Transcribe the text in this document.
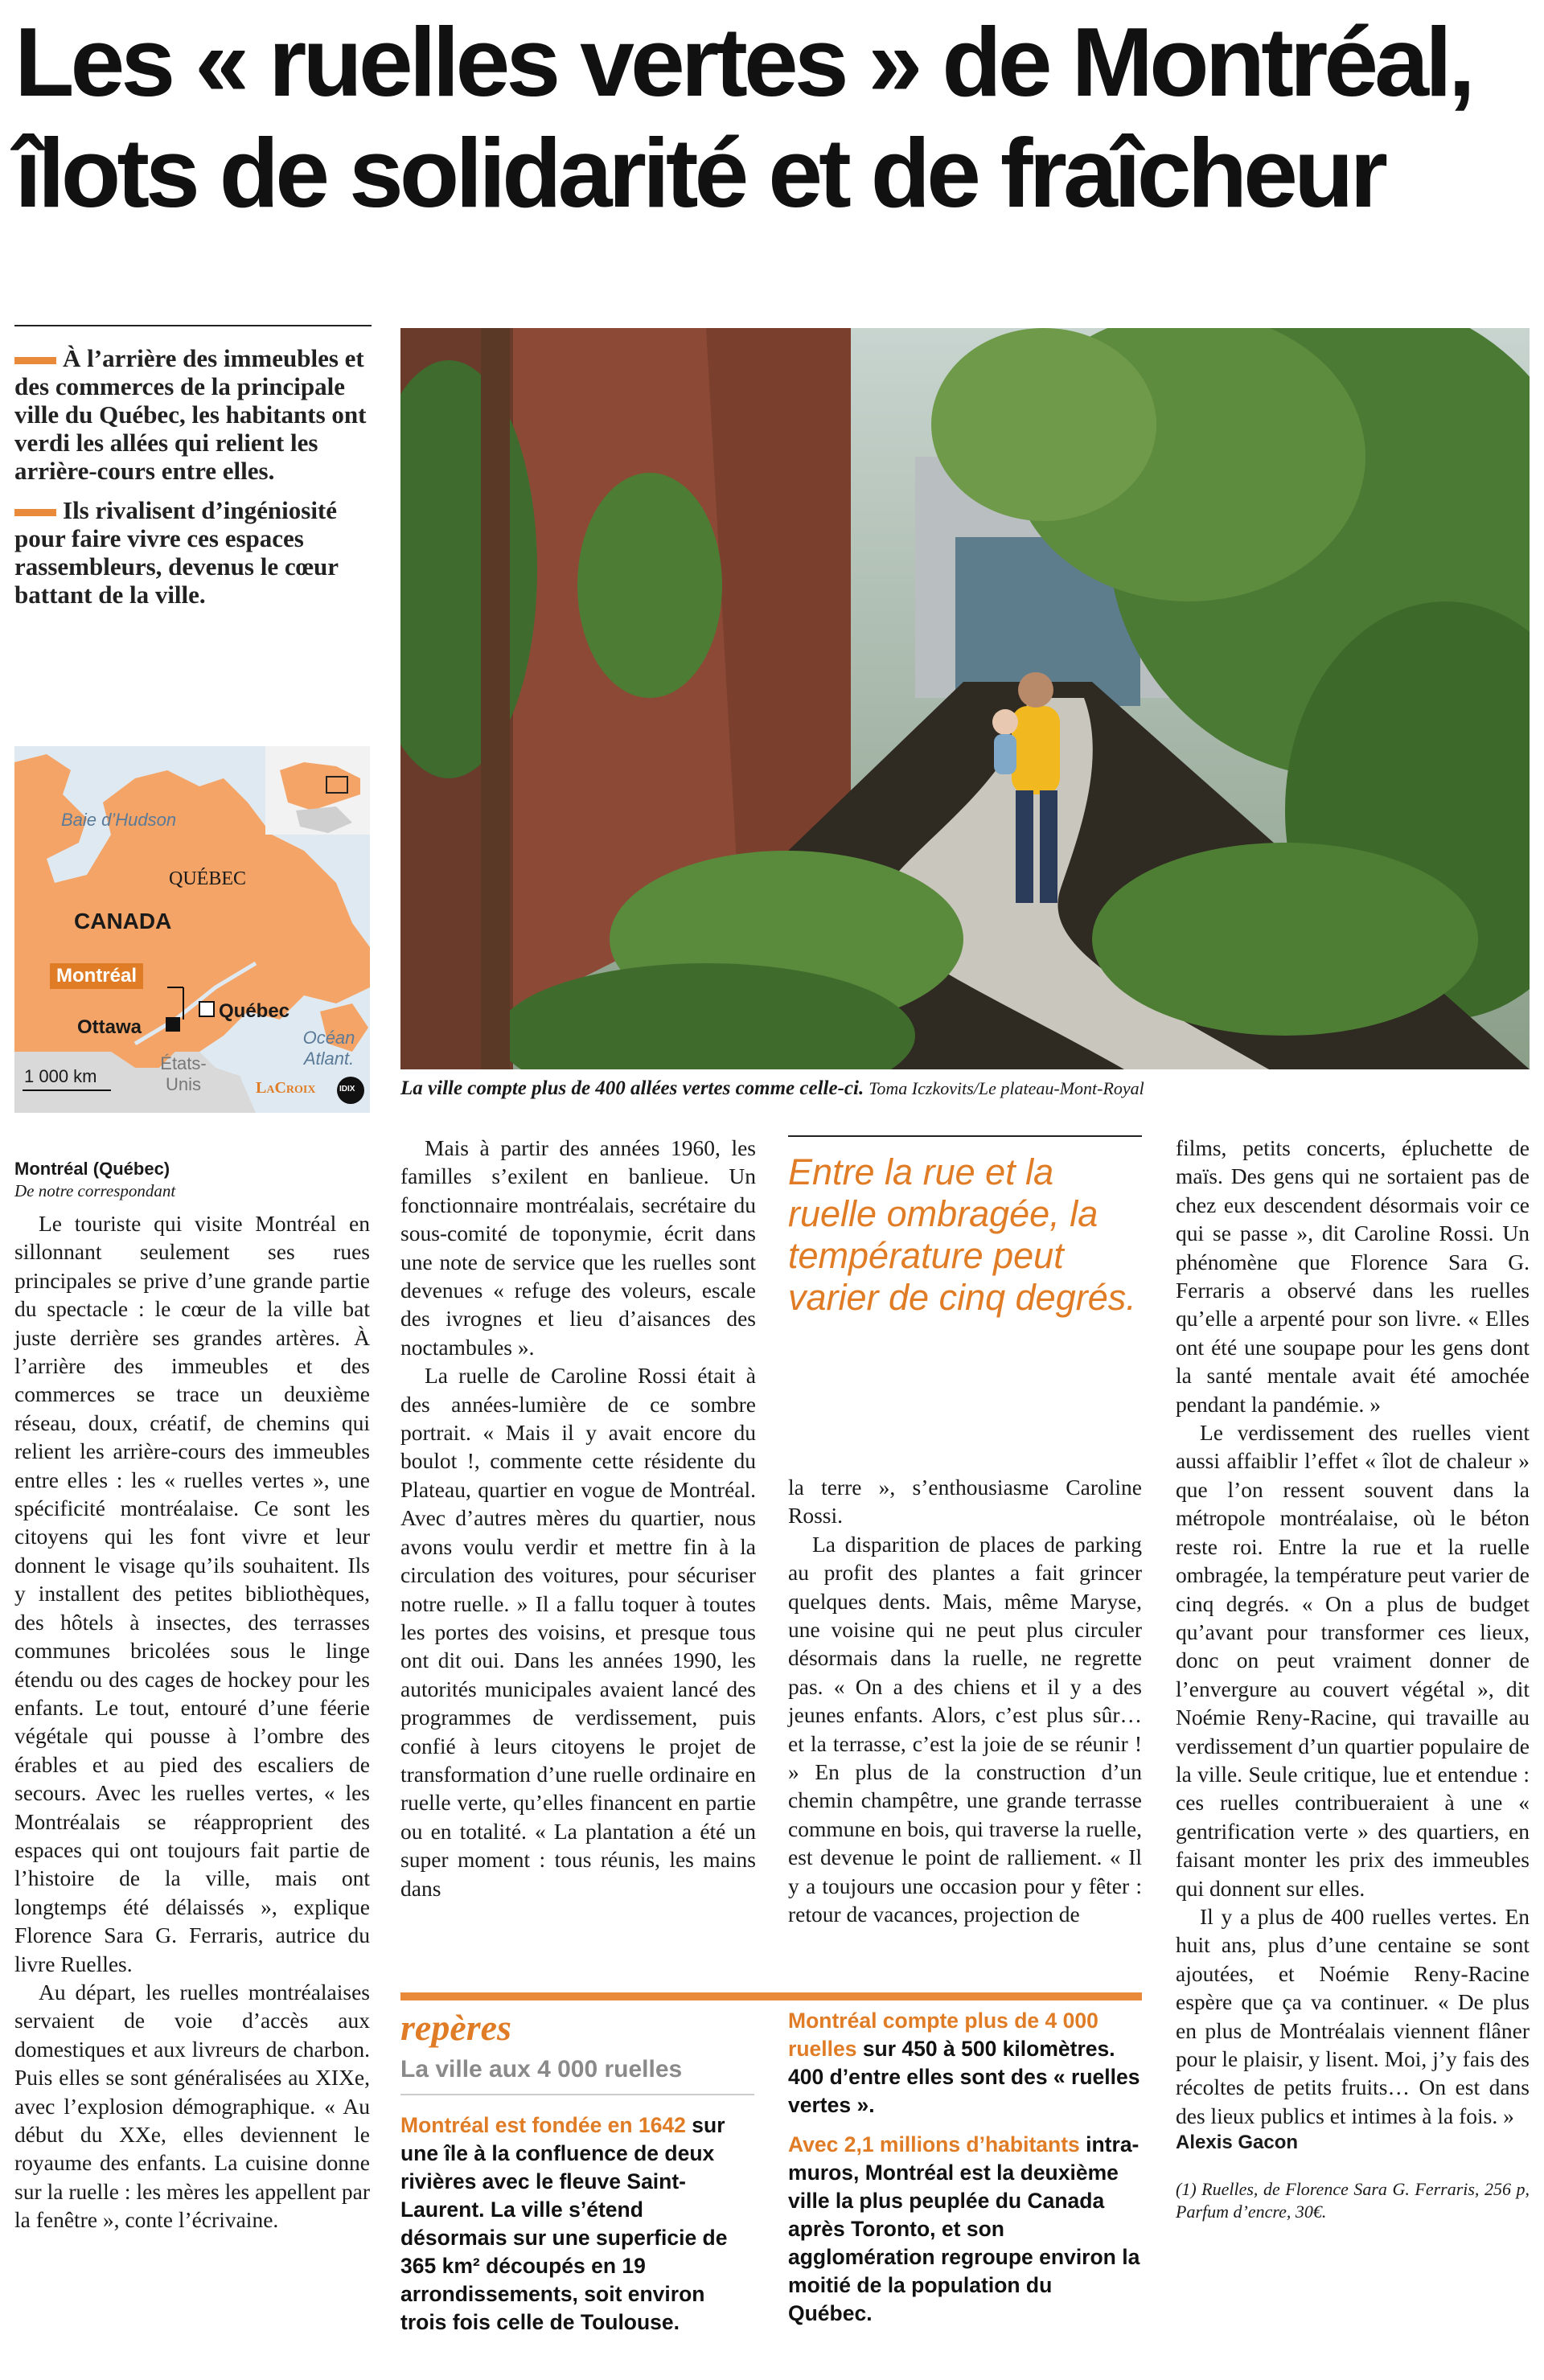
Les « ruelles vertes » de Montréal,
îlots de solidarité et de fraîcheur

À l’arrière des immeubles et des commerces de la principale ville du Québec, les habitants ont verdi les allées qui relient les arrière-cours entre elles.

Ils rivalisent d’ingéniosité pour faire vivre ces espaces rassembleurs, devenus le cœur battant de la ville.

Baie d’Hudson
QUÉBEC
CANADA
Montréal
Québec
Ottawa
États-Unis
Océan Atlant.
1 000 km
LaCroix	IDIX La ville compte plus de 400 allées vertes comme celle-ci. Toma Iczkovits/Le plateau-Mont-Royal
Montréal (Québec)
De notre correspondant

Le touriste qui visite Montréal en sillonnant seulement ses rues principales se prive d’une grande partie du spectacle : le cœur de la ville bat juste derrière ses grandes artères. À l’arrière des immeubles et des commerces se trace un deuxième réseau, doux, créatif, de chemins qui relient les arrière-cours des immeubles entre elles : les « ruelles vertes », une spécificité montréalaise. Ce sont les citoyens qui les font vivre et leur donnent le visage qu’ils souhaitent. Ils y installent des petites bibliothèques, des hôtels à insectes, des terrasses communes bricolées sous le linge étendu ou des cages de hockey pour les enfants. Le tout, entouré d’une féerie végétale qui pousse à l’ombre des érables et au pied des escaliers de secours. Avec les ruelles vertes, « les Montréalais se réapproprient des espaces qui ont toujours fait partie de l’histoire de la ville, mais ont longtemps été délaissés », explique Florence Sara G. Ferraris, autrice du livre Ruelles.

Au départ, les ruelles montréalaises servaient de voie d’accès aux domestiques et aux livreurs de charbon. Puis elles se sont généralisées au XIXe, avec l’explosion démographique. « Au début du XXe, elles deviennent le royaume des enfants. La cuisine donne sur la ruelle : les mères les appellent par la fenêtre », conte l’écrivaine.

Mais à partir des années 1960, les familles s’exilent en banlieue. Un fonctionnaire montréalais, secrétaire du sous-comité de toponymie, écrit dans une note de service que les ruelles sont devenues « refuge des voleurs, escale des ivrognes et lieu d’aisances des noctambules ».

La ruelle de Caroline Rossi était à des années-lumière de ce sombre portrait. « Mais il y avait encore du boulot !, commente cette résidente du Plateau, quartier en vogue de Montréal. Avec d’autres mères du quartier, nous avons voulu verdir et mettre fin à la circulation des voitures, pour sécuriser notre ruelle. » Il a fallu toquer à toutes les portes des voisins, et presque tous ont dit oui. Dans les années 1990, les autorités municipales avaient lancé des programmes de verdissement, puis confié à leurs citoyens le projet de transformation d’une ruelle ordinaire en ruelle verte, qu’elles financent en partie ou en totalité. « La plantation a été un super moment : tous réunis, les mains dans

Entre la rue et la ruelle ombragée, la température peut varier de cinq degrés.

la terre », s’enthousiasme Caroline Rossi.

La disparition de places de parking au profit des plantes a fait grincer quelques dents. Mais, même Maryse, une voisine qui ne peut plus circuler désormais dans la ruelle, ne regrette pas. « On a des chiens et il y a des jeunes enfants. Alors, c’est plus sûr… et la terrasse, c’est la joie de se réunir ! » En plus de la construction d’un chemin champêtre, une grande terrasse commune en bois, qui traverse la ruelle, est devenue le point de ralliement. « Il y a toujours une occasion pour y fêter : retour de vacances, projection de

repères
La ville aux 4 000 ruelles

Montréal est fondée en 1642 sur une île à la confluence de deux rivières avec le fleuve Saint-Laurent. La ville s’étend désormais sur une superficie de 365 km² découpés en 19 arrondissements, soit environ trois fois celle de Toulouse.

Montréal compte plus de 4 000 ruelles sur 450 à 500 kilomètres. 400 d’entre elles sont des « ruelles vertes ».

Avec 2,1 millions d’habitants intra-muros, Montréal est la deuxième ville la plus peuplée du Canada après Toronto, et son agglomération regroupe environ la moitié de la population du Québec.

films, petits concerts, épluchette de maïs. Des gens qui ne sortaient pas de chez eux descendent désormais voir ce qui se passe », dit Caroline Rossi. Un phénomène que Florence Sara G. Ferraris a observé dans les ruelles qu’elle a arpenté pour son livre. « Elles ont été une soupape pour les gens dont la santé mentale avait été amochée pendant la pandémie. »

Le verdissement des ruelles vient aussi affaiblir l’effet « îlot de chaleur » que l’on ressent souvent dans la métropole montréalaise, où le béton reste roi. Entre la rue et la ruelle ombragée, la température peut varier de cinq degrés. « On a plus de budget qu’avant pour transformer ces lieux, donc on peut vraiment donner de l’envergure au couvert végétal », dit Noémie Reny-Racine, qui travaille au verdissement d’un quartier populaire de la ville. Seule critique, lue et entendue : ces ruelles contribueraient à une « gentrification verte » des quartiers, en faisant monter les prix des immeubles qui donnent sur elles.

Il y a plus de 400 ruelles vertes. En huit ans, plus d’une centaine se sont ajoutées, et Noémie Reny-Racine espère que ça va continuer. « De plus en plus de Montréalais viennent flâner pour le plaisir, y lisent. Moi, j’y fais des récoltes de petits fruits… On est dans des lieux publics et intimes à la fois. »

Alexis Gacon
(1) Ruelles, de Florence Sara G. Ferraris, 256 p, Parfum d’encre, 30€.
